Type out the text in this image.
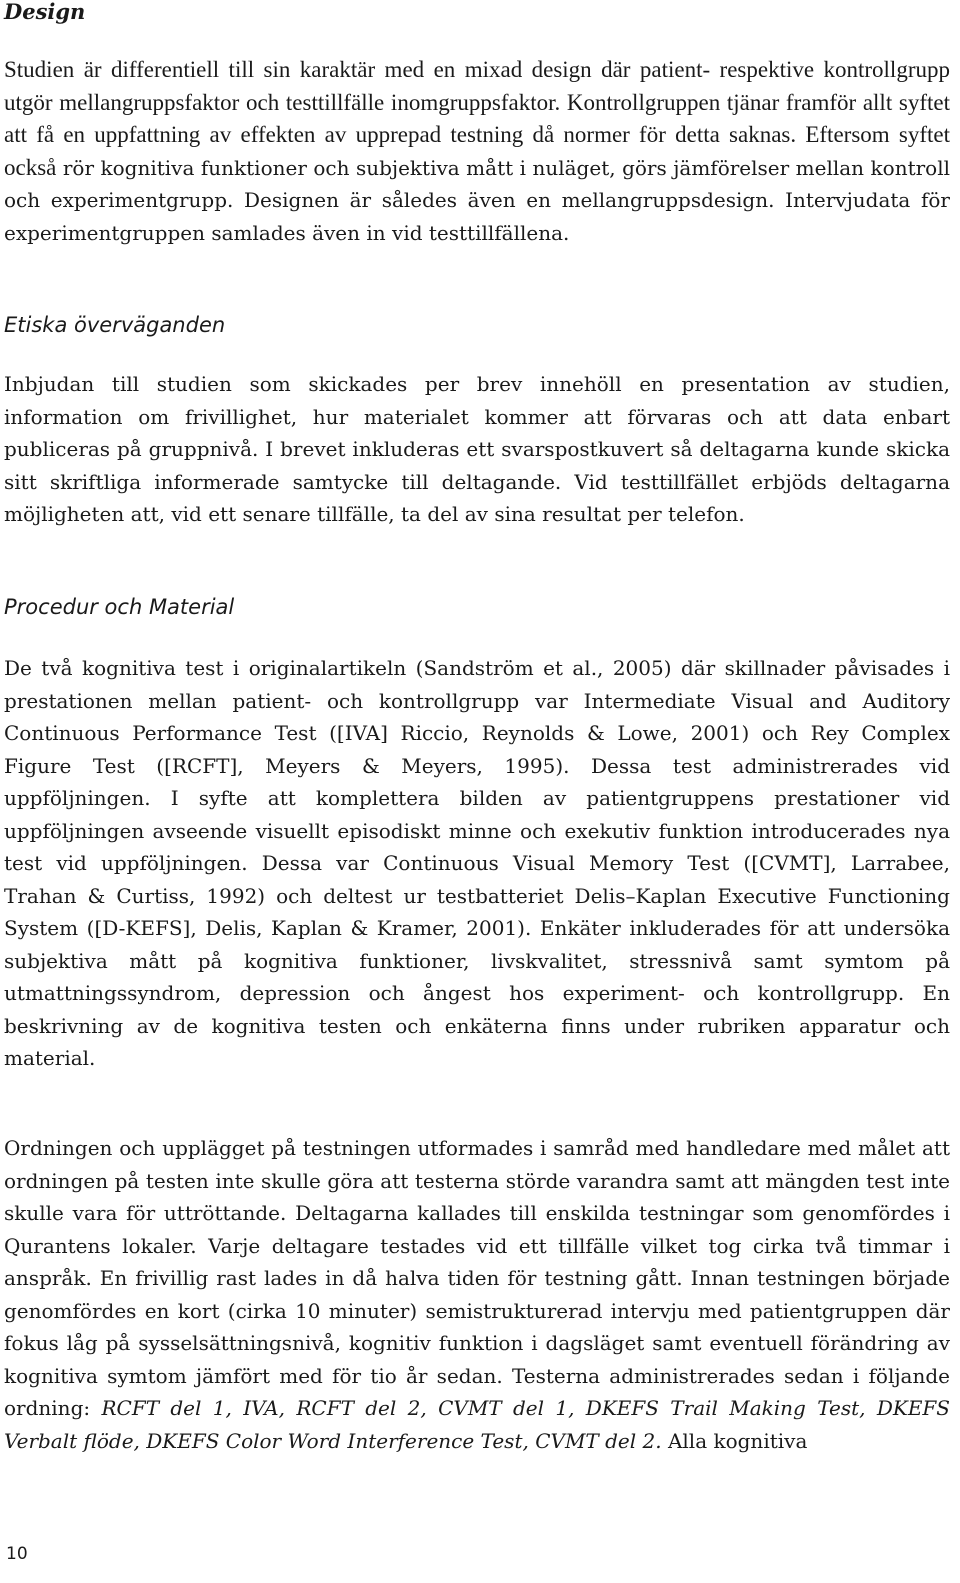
Design

Studien är differentiell till sin karaktär med en mixad design där patient- respektive kontrollgrupp utgör mellangruppsfaktor och testtillfälle inomgruppsfaktor. Kontrollgruppen tjänar framför allt syftet att få en uppfattning av effekten av upprepad testning då normer för detta saknas. Eftersom syftet också rör kognitiva funktioner och subjektiva mått i nuläget, görs jämförelser mellan kontroll och experimentgrupp. Designen är således även en mellangruppsdesign. Intervjudata för experimentgruppen samlades även in vid testtillfällena.

Etiska överväganden

Inbjudan till studien som skickades per brev innehöll en presentation av studien, information om frivillighet, hur materialet kommer att förvaras och att data enbart publiceras på gruppnivå. I brevet inkluderas ett svarspostkuvert så deltagarna kunde skicka sitt skriftliga informerade samtycke till deltagande. Vid testtillfället erbjöds deltagarna möjligheten att, vid ett senare tillfälle, ta del av sina resultat per telefon.

Procedur och Material

De två kognitiva test i originalartikeln (Sandström et al., 2005) där skillnader påvisades i prestationen mellan patient- och kontrollgrupp var Intermediate Visual and Auditory Continuous Performance Test ([IVA] Riccio, Reynolds & Lowe, 2001) och Rey Complex Figure Test ([RCFT], Meyers & Meyers, 1995). Dessa test administrerades vid uppföljningen. I syfte att komplettera bilden av patientgruppens prestationer vid uppföljningen avseende visuellt episodiskt minne och exekutiv funktion introducerades nya test vid uppföljningen. Dessa var Continuous Visual Memory Test ([CVMT], Larrabee, Trahan & Curtiss, 1992) och deltest ur testbatteriet Delis–Kaplan Executive Functioning System ([D-KEFS], Delis, Kaplan & Kramer, 2001). Enkäter inkluderades för att undersöka subjektiva mått på kognitiva funktioner, livskvalitet, stressnivå samt symtom på utmattningssyndrom, depression och ångest hos experiment- och kontrollgrupp. En beskrivning av de kognitiva testen och enkäterna finns under rubriken apparatur och material.

Ordningen och upplägget på testningen utformades i samråd med handledare med målet att ordningen på testen inte skulle göra att testerna störde varandra samt att mängden test inte skulle vara för uttröttande. Deltagarna kallades till enskilda testningar som genomfördes i Qurantens lokaler. Varje deltagare testades vid ett tillfälle vilket tog cirka två timmar i anspråk. En frivillig rast lades in då halva tiden för testning gått. Innan testningen började genomfördes en kort (cirka 10 minuter) semistrukturerad intervju med patientgruppen där fokus låg på sysselsättningsnivå, kognitiv funktion i dagsläget samt eventuell förändring av kognitiva symtom jämfört med för tio år sedan. Testerna administrerades sedan i följande ordning: RCFT del 1, IVA, RCFT del 2, CVMT del 1, DKEFS Trail Making Test, DKEFS Verbalt flöde, DKEFS Color Word Interference Test, CVMT del 2. Alla kognitiva

10
